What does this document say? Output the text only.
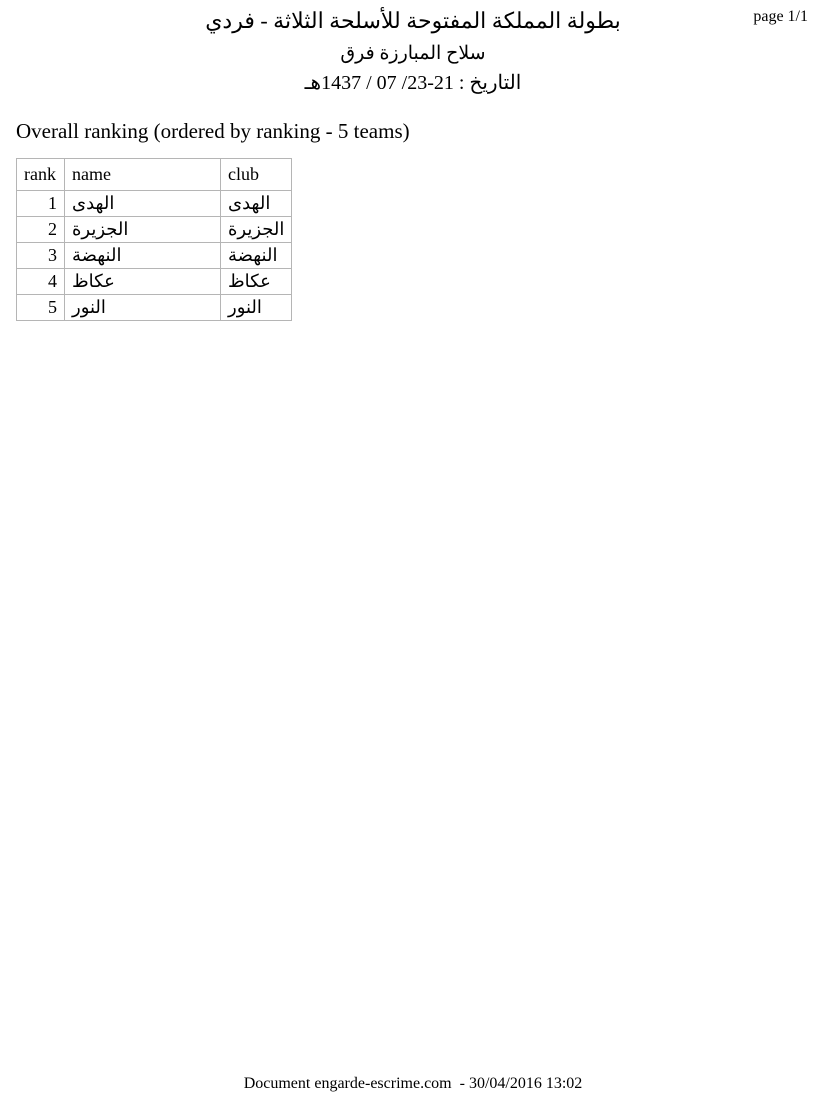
بطولة المملكة المفتوحة للأسلحة الثلاثة - فردي
سلاح المبارزة فرق
التاريخ : 21-23/ 07 / 1437هـ
page 1/1
Overall ranking (ordered by ranking - 5 teams)
rank	name	club
1	الهدى	الهدى
2	الجزيرة	الجزيرة
3	النهضة	النهضة
4	عكاظ	عكاظ
5	النور	النور
Document engarde-escrime.com  - 30/04/2016 13:02
